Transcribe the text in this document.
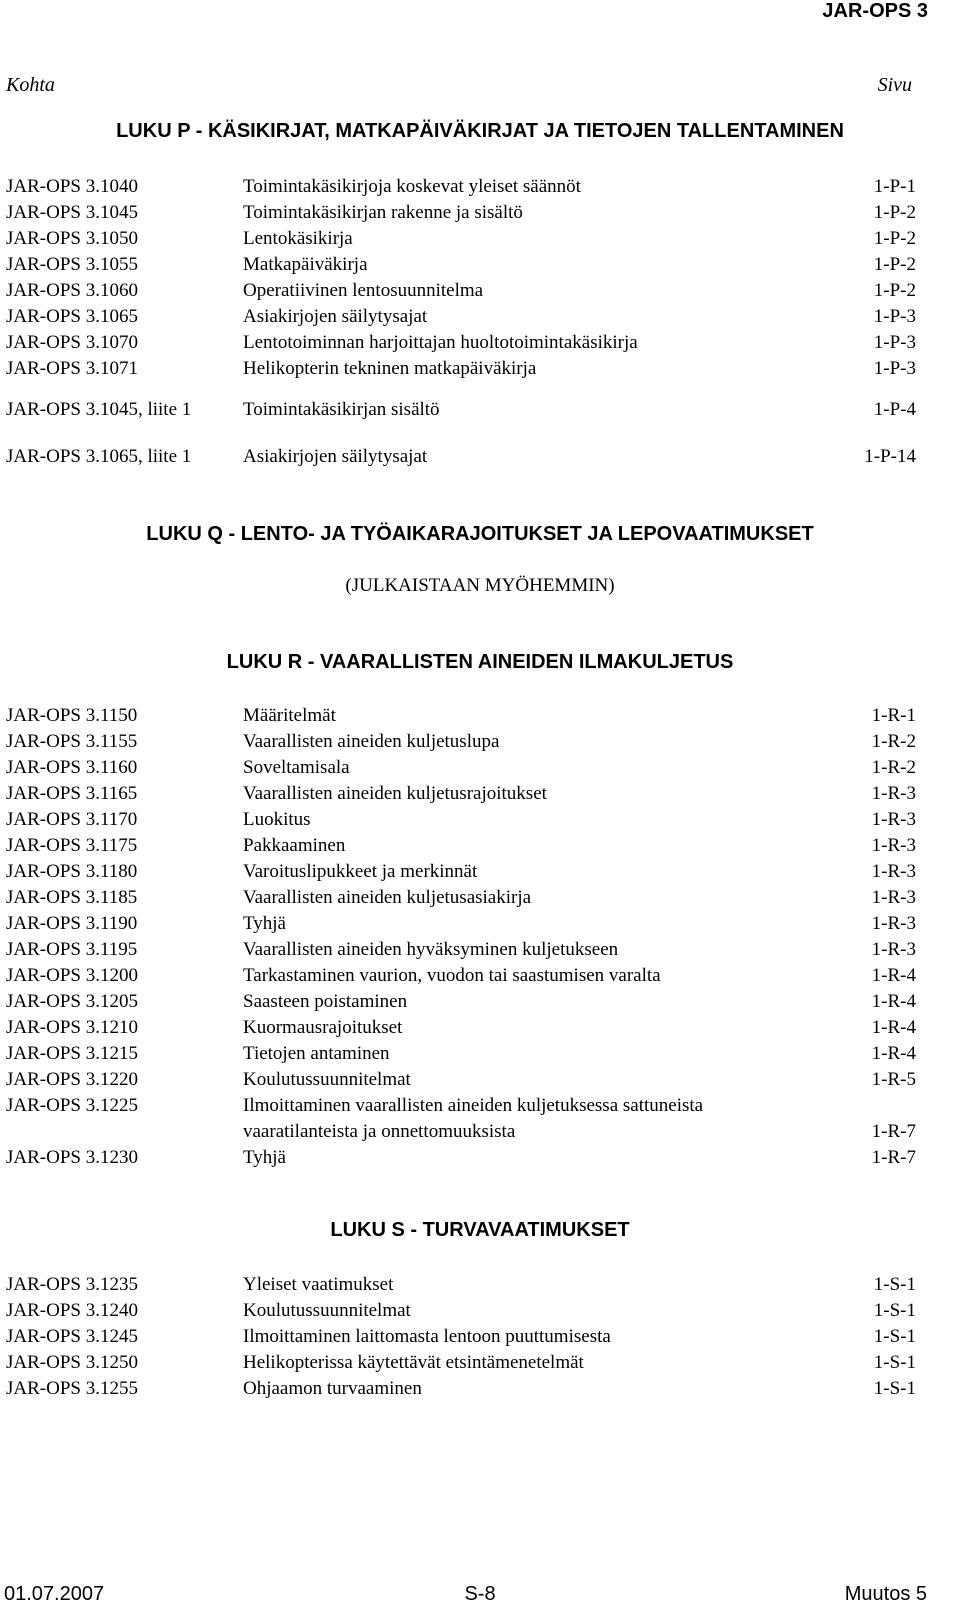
JAR-OPS 3
Kohta	Sivu
LUKU P - KÄSIKIRJAT, MATKAPÄIVÄKIRJAT JA TIETOJEN TALLENTAMINEN
JAR-OPS 3.1040	Toimintakäsikirjoja koskevat yleiset säännöt	1-P-1
JAR-OPS 3.1045	Toimintakäsikirjan rakenne ja sisältö	1-P-2
JAR-OPS 3.1050	Lentokäsikirja	1-P-2
JAR-OPS 3.1055	Matkapäiväkirja	1-P-2
JAR-OPS 3.1060	Operatiivinen lentosuunnitelma	1-P-2
JAR-OPS 3.1065	Asiakirjojen säilytysajat	1-P-3
JAR-OPS 3.1070	Lentotoiminnan harjoittajan huoltotoimintakäsikirja	1-P-3
JAR-OPS 3.1071	Helikopterin tekninen matkapäiväkirja	1-P-3
JAR-OPS 3.1045, liite 1	Toimintakäsikirjan sisältö	1-P-4
JAR-OPS 3.1065, liite 1	Asiakirjojen säilytysajat	1-P-14
LUKU Q - LENTO- JA TYÖAIKARAJOITUKSET JA LEPOVAATIMUKSET
(JULKAISTAAN MYÖHEMMIN)
LUKU R - VAARALLISTEN AINEIDEN ILMAKULJETUS
JAR-OPS 3.1150	Määritelmät	1-R-1
JAR-OPS 3.1155	Vaarallisten aineiden kuljetuslupa	1-R-2
JAR-OPS 3.1160	Soveltamisala	1-R-2
JAR-OPS 3.1165	Vaarallisten aineiden kuljetusrajoitukset	1-R-3
JAR-OPS 3.1170	Luokitus	1-R-3
JAR-OPS 3.1175	Pakkaaminen	1-R-3
JAR-OPS 3.1180	Varoituslipukkeet ja merkinnät	1-R-3
JAR-OPS 3.1185	Vaarallisten aineiden kuljetusasiakirja	1-R-3
JAR-OPS 3.1190	Tyhjä	1-R-3
JAR-OPS 3.1195	Vaarallisten aineiden hyväksyminen kuljetukseen	1-R-3
JAR-OPS 3.1200	Tarkastaminen vaurion, vuodon tai saastumisen varalta	1-R-4
JAR-OPS 3.1205	Saasteen poistaminen	1-R-4
JAR-OPS 3.1210	Kuormausrajoitukset	1-R-4
JAR-OPS 3.1215	Tietojen antaminen	1-R-4
JAR-OPS 3.1220	Koulutussuunnitelmat	1-R-5
JAR-OPS 3.1225	Ilmoittaminen vaarallisten aineiden kuljetuksessa sattuneista
vaaratilanteista ja onnettomuuksista	1-R-7
JAR-OPS 3.1230	Tyhjä	1-R-7
LUKU S - TURVAVAATIMUKSET
JAR-OPS 3.1235	Yleiset vaatimukset	1-S-1
JAR-OPS 3.1240	Koulutussuunnitelmat	1-S-1
JAR-OPS 3.1245	Ilmoittaminen laittomasta lentoon puuttumisesta	1-S-1
JAR-OPS 3.1250	Helikopterissa käytettävät etsintämenetelmät	1-S-1
JAR-OPS 3.1255	Ohjaamon turvaaminen	1-S-1
01.07.2007	S-8	Muutos 5
